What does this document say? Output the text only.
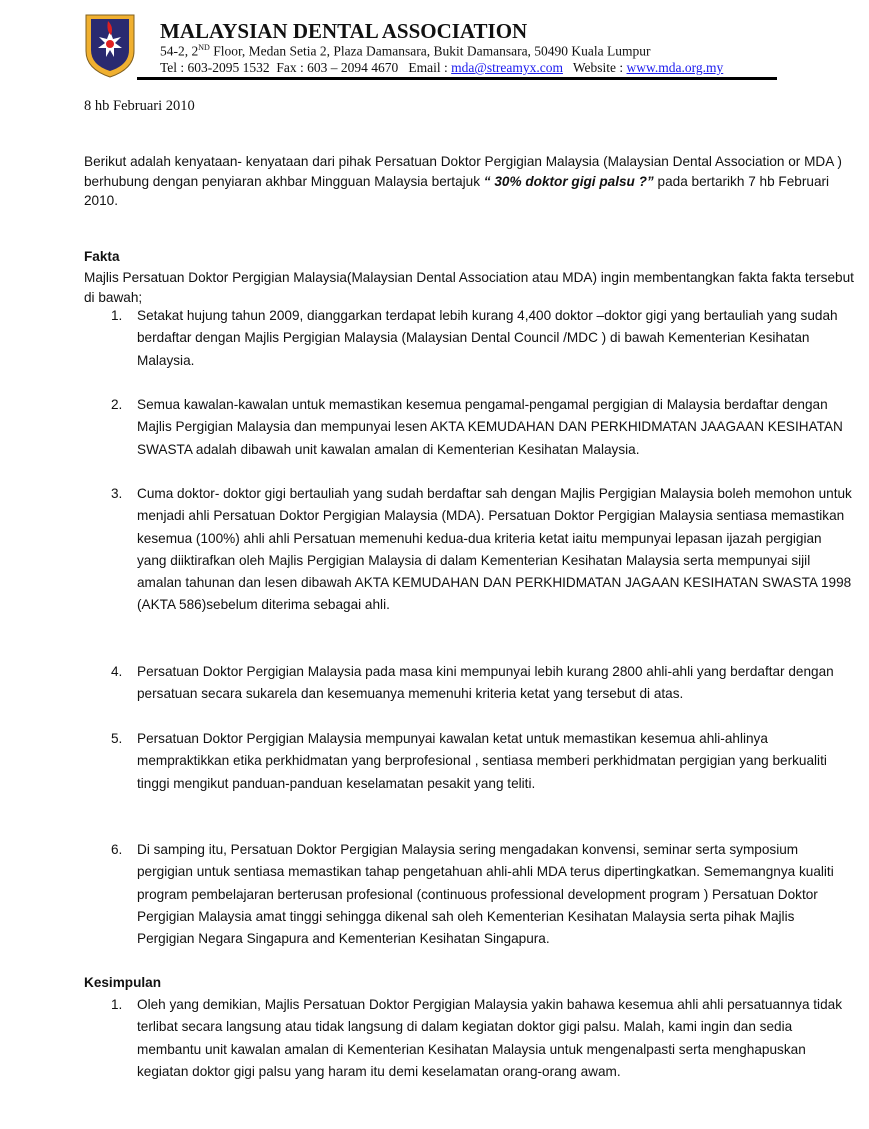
MALAYSIAN DENTAL ASSOCIATION
54-2, 2ND Floor, Medan Setia 2, Plaza Damansara, Bukit Damansara, 50490 Kuala Lumpur
Tel : 603-2095 1532  Fax : 603 – 2094 4670   Email : mda@streamyx.com   Website : www.mda.org.my
8 hb Februari 2010
Berikut adalah kenyataan- kenyataan dari pihak Persatuan Doktor Pergigian Malaysia (Malaysian Dental Association or MDA ) berhubung dengan penyiaran akhbar Mingguan Malaysia bertajuk “ 30% doktor gigi palsu ?” pada bertarikh 7 hb Februari 2010.
Fakta
Majlis Persatuan Doktor Pergigian Malaysia(Malaysian Dental Association atau MDA) ingin membentangkan fakta fakta tersebut di bawah;
1. Setakat hujung tahun 2009, dianggarkan terdapat lebih kurang 4,400 doktor –doktor gigi yang bertauliah yang sudah berdaftar dengan Majlis Pergigian Malaysia (Malaysian Dental Council /MDC ) di bawah Kementerian Kesihatan Malaysia.
2. Semua kawalan-kawalan untuk memastikan kesemua pengamal-pengamal pergigian di Malaysia berdaftar dengan Majlis Pergigian Malaysia dan mempunyai lesen AKTA KEMUDAHAN DAN PERKHIDMATAN JAAGAAN KESIHATAN SWASTA adalah dibawah unit kawalan amalan di Kementerian Kesihatan Malaysia.
3. Cuma doktor- doktor gigi bertauliah yang sudah berdaftar sah dengan Majlis Pergigian Malaysia boleh memohon untuk menjadi ahli Persatuan Doktor Pergigian Malaysia (MDA). Persatuan Doktor Pergigian Malaysia sentiasa memastikan kesemua (100%) ahli ahli Persatuan memenuhi kedua-dua kriteria ketat iaitu mempunyai lepasan ijazah pergigian yang diiktirafkan oleh Majlis Pergigian Malaysia di dalam Kementerian Kesihatan Malaysia serta mempunyai sijil amalan tahunan dan lesen dibawah AKTA KEMUDAHAN DAN PERKHIDMATAN JAGAAN KESIHATAN SWASTA 1998 (AKTA 586)sebelum diterima sebagai ahli.
4. Persatuan Doktor Pergigian Malaysia pada masa kini mempunyai lebih kurang 2800 ahli-ahli yang berdaftar dengan persatuan secara sukarela dan kesemuanya memenuhi kriteria ketat yang tersebut di atas.
5. Persatuan Doktor Pergigian Malaysia mempunyai kawalan ketat untuk memastikan kesemua ahli-ahlinya mempraktikkan etika perkhidmatan yang berprofesional , sentiasa memberi perkhidmatan pergigian yang berkualiti tinggi mengikut panduan-panduan keselamatan pesakit yang teliti.
6. Di samping itu, Persatuan Doktor Pergigian Malaysia sering mengadakan konvensi, seminar serta symposium pergigian untuk sentiasa memastikan tahap pengetahuan ahli-ahli MDA terus dipertingkatkan. Sememangnya kualiti program pembelajaran berterusan profesional (continuous professional development program ) Persatuan Doktor Pergigian Malaysia amat tinggi sehingga dikenal sah oleh Kementerian Kesihatan Malaysia serta pihak Majlis Pergigian Negara Singapura and Kementerian Kesihatan Singapura.
Kesimpulan
1. Oleh yang demikian, Majlis Persatuan Doktor Pergigian Malaysia yakin bahawa kesemua ahli ahli persatuannya tidak terlibat secara langsung atau tidak langsung di dalam kegiatan doktor gigi palsu. Malah, kami ingin dan sedia membantu unit kawalan amalan di Kementerian Kesihatan Malaysia untuk mengenalpasti serta menghapuskan kegiatan doktor gigi palsu yang haram itu demi keselamatan orang-orang awam.
